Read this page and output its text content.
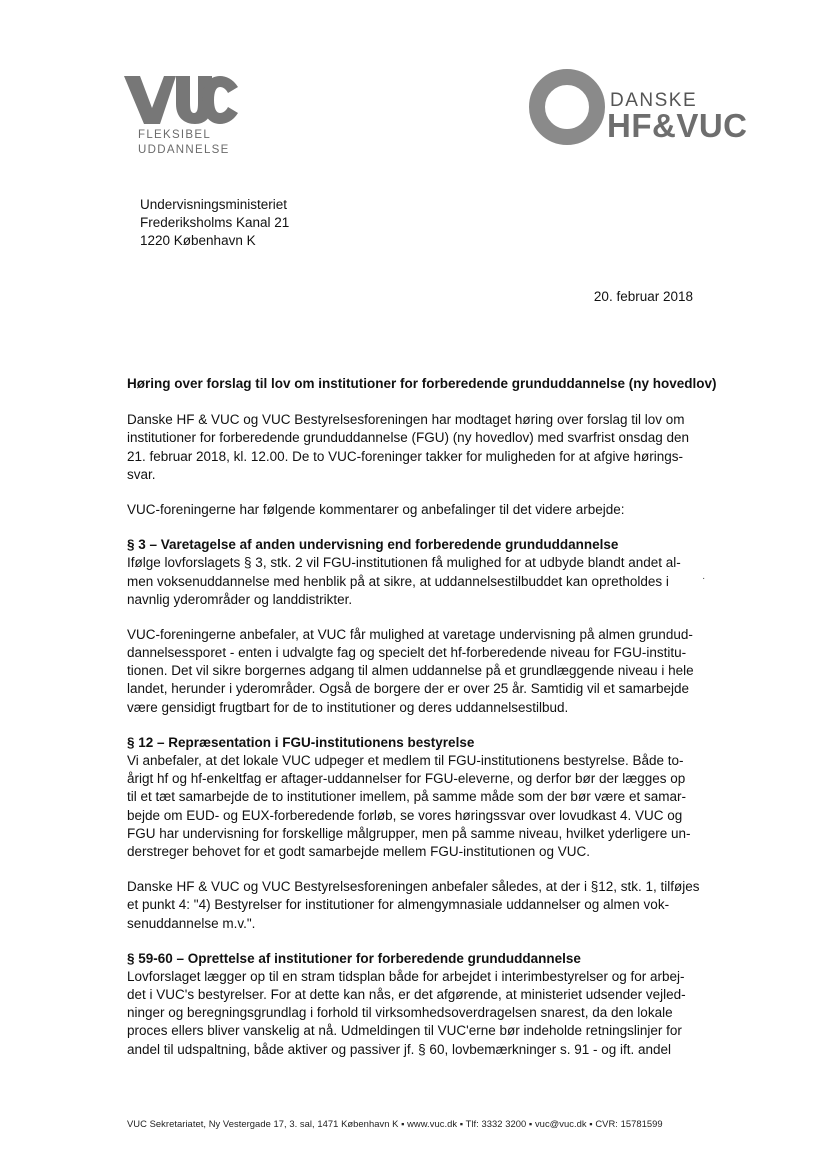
FLEKSIBEL
UDDANNELSE
DANSKE
HF&VUC
Undervisningsministeriet
Frederiksholms Kanal 21
1220 København K
20. februar 2018
Høring over forslag til lov om institutioner for forberedende grunduddannelse (ny hovedlov)
Danske HF & VUC og VUC Bestyrelsesforeningen har modtaget høring over forslag til lov om
institutioner for forberedende grunduddannelse (FGU) (ny hovedlov) med svarfrist onsdag den
21. februar 2018, kl. 12.00. De to VUC-foreninger takker for muligheden for at afgive hørings-
svar.
VUC-foreningerne har følgende kommentarer og anbefalinger til det videre arbejde:
§ 3 – Varetagelse af anden undervisning end forberedende grunduddannelse
Ifølge lovforslagets § 3, stk. 2 vil FGU-institutionen få mulighed for at udbyde blandt andet al-
men voksenuddannelse med henblik på at sikre, at uddannelsestilbuddet kan opretholdes i
navnlig yderområder og landdistrikter.
VUC-foreningerne anbefaler, at VUC får mulighed at varetage undervisning på almen grundud-
dannelsessporet - enten i udvalgte fag og specielt det hf-forberedende niveau for FGU-institu-
tionen. Det vil sikre borgernes adgang til almen uddannelse på et grundlæggende niveau i hele
landet, herunder i yderområder. Også de borgere der er over 25 år. Samtidig vil et samarbejde
være gensidigt frugtbart for de to institutioner og deres uddannelsestilbud.
§ 12 – Repræsentation i FGU-institutionens bestyrelse
Vi anbefaler, at det lokale VUC udpeger et medlem til FGU-institutionens bestyrelse. Både to-
årigt hf og hf-enkeltfag er aftager-uddannelser for FGU-eleverne, og derfor bør der lægges op
til et tæt samarbejde de to institutioner imellem, på samme måde som der bør være et samar-
bejde om EUD- og EUX-forberedende forløb, se vores høringssvar over lovudkast 4. VUC og
FGU har undervisning for forskellige målgrupper, men på samme niveau, hvilket yderligere un-
derstreger behovet for et godt samarbejde mellem FGU-institutionen og VUC.
Danske HF & VUC og VUC Bestyrelsesforeningen anbefaler således, at der i §12, stk. 1, tilføjes
et punkt 4: "4) Bestyrelser for institutioner for almengymnasiale uddannelser og almen vok-
senuddannelse m.v.".
§ 59-60 – Oprettelse af institutioner for forberedende grunduddannelse
Lovforslaget lægger op til en stram tidsplan både for arbejdet i interimbestyrelser og for arbej-
det i VUC's bestyrelser. For at dette kan nås, er det afgørende, at ministeriet udsender vejled-
ninger og beregningsgrundlag i forhold til virksomhedsoverdragelsen snarest, da den lokale
proces ellers bliver vanskelig at nå. Udmeldingen til VUC'erne bør indeholde retningslinjer for
andel til udspaltning, både aktiver og passiver jf. § 60, lovbemærkninger s. 91 - og ift. andel
·
VUC Sekretariatet, Ny Vestergade 17, 3. sal, 1471 København K ▪ www.vuc.dk ▪ Tlf: 3332 3200 ▪ vuc@vuc.dk ▪ CVR: 15781599
